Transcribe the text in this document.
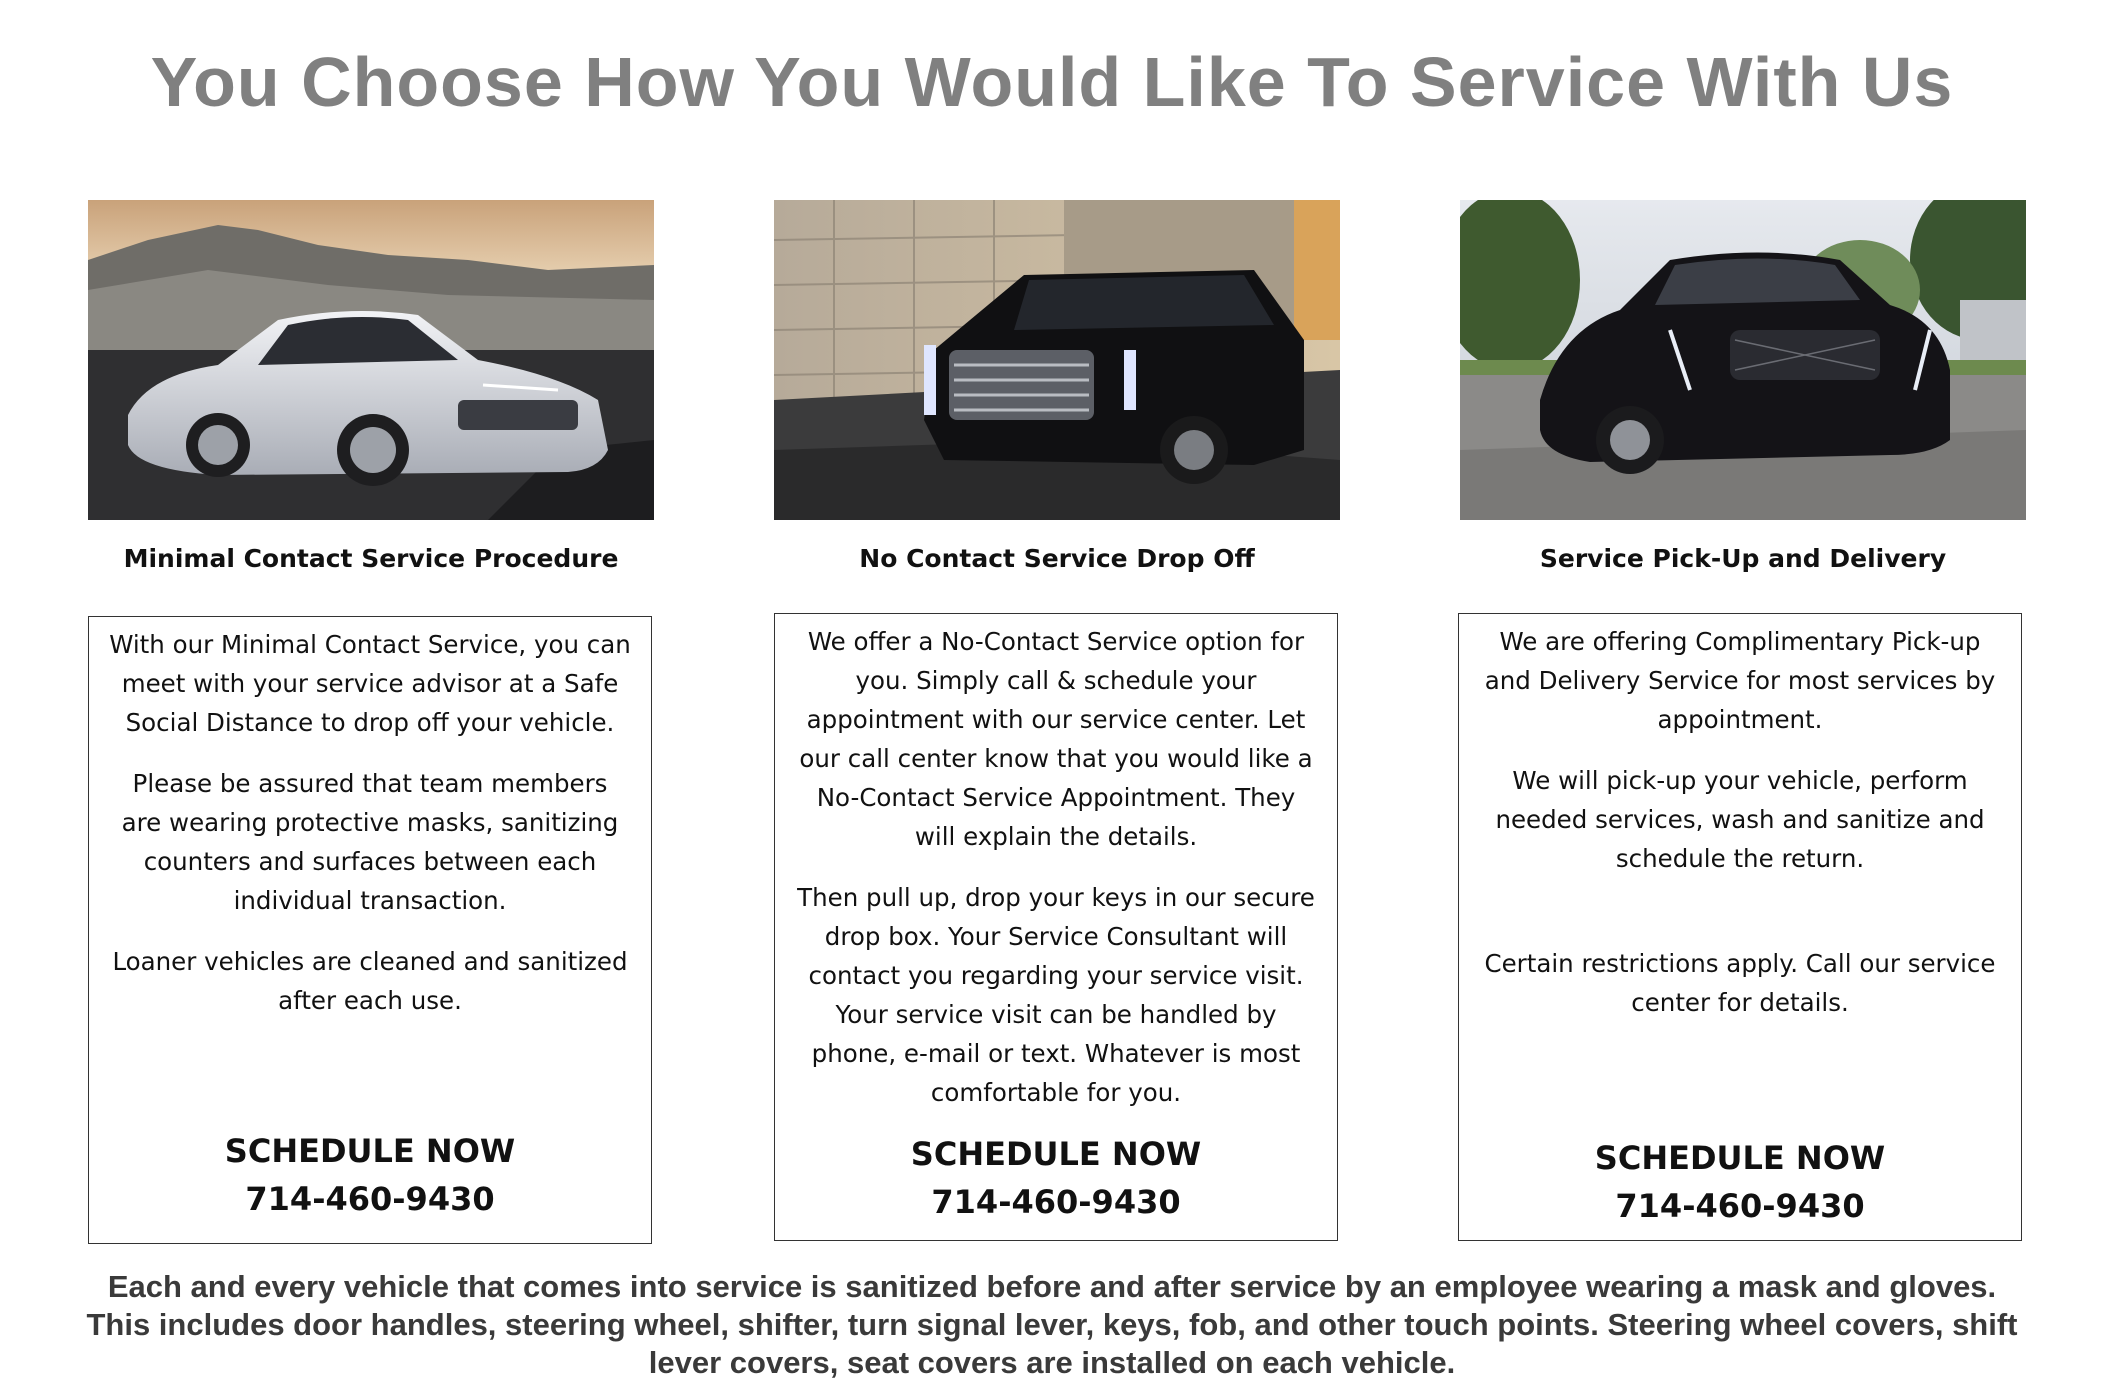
You Choose How You Would Like To Service With Us
Minimal Contact Service Procedure

With our Minimal Contact Service, you can meet with your service advisor at a Safe Social Distance to drop off your vehicle.

Please be assured that team members are wearing protective masks, sanitizing counters and surfaces between each individual transaction.

Loaner vehicles are cleaned and sanitized after each use.

SCHEDULE NOW
714-460-9430
No Contact Service Drop Off

We offer a No-Contact Service option for you. Simply call & schedule your appointment with our service center. Let our call center know that you would like a No-Contact Service Appointment. They will explain the details.

Then pull up, drop your keys in our secure drop box. Your Service Consultant will contact you regarding your service visit. Your service visit can be handled by phone, e-mail or text. Whatever is most comfortable for you.

SCHEDULE NOW
714-460-9430
Service Pick-Up and Delivery

We are offering Complimentary Pick-up and Delivery Service for most services by appointment.

We will pick-up your vehicle, perform needed services, wash and sanitize and schedule the return.

Certain restrictions apply. Call our service center for details.

SCHEDULE NOW
714-460-9430
Each and every vehicle that comes into service is sanitized before and after service by an employee wearing a mask and gloves. This includes door handles, steering wheel, shifter, turn signal lever, keys, fob, and other touch points. Steering wheel covers, shift lever covers, seat covers are installed on each vehicle.
